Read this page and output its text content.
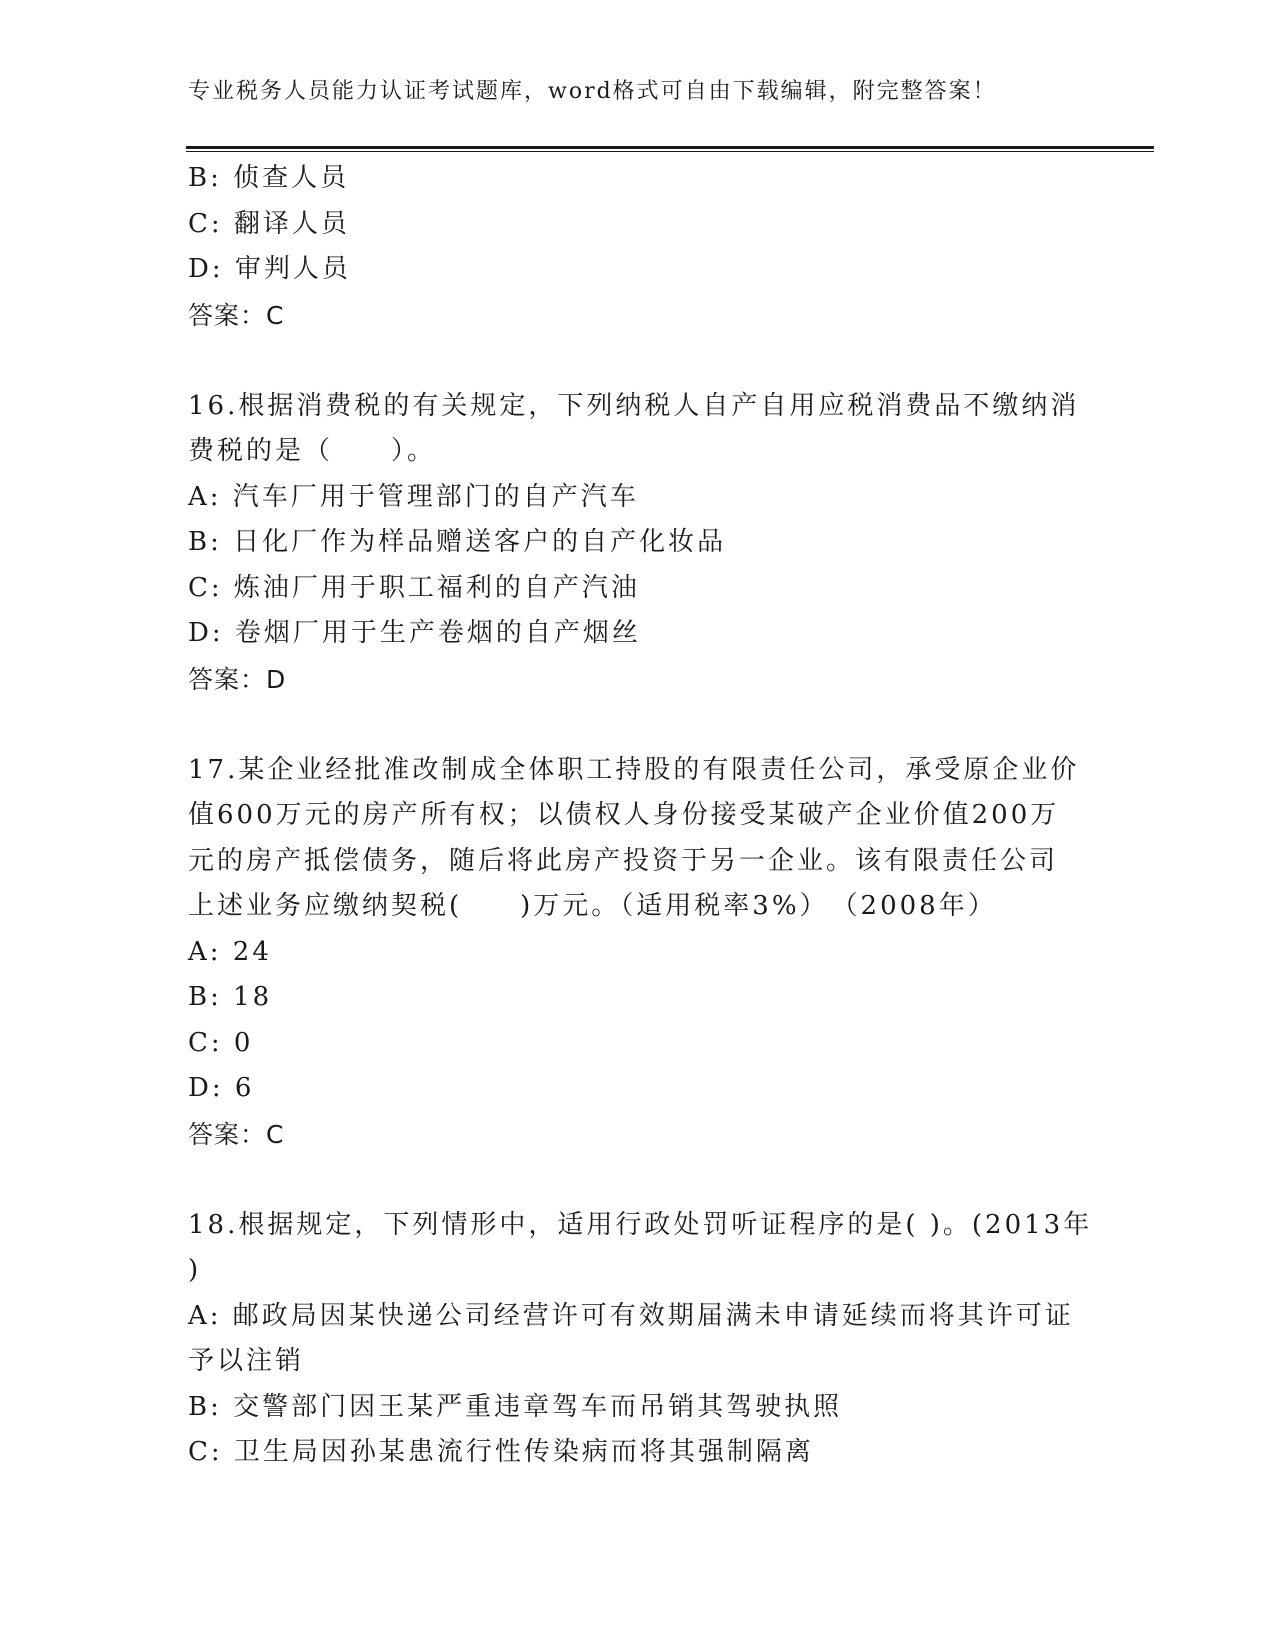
专业税务人员能力认证考试题库，word格式可自由下载编辑，附完整答案！
B: 侦查人员
C: 翻译人员
D: 审判人员
答案：C
16.根据消费税的有关规定，下列纳税人自产自用应税消费品不缴纳消
费税的是（　　）。
A: 汽车厂用于管理部门的自产汽车
B: 日化厂作为样品赠送客户的自产化妆品
C: 炼油厂用于职工福利的自产汽油
D: 卷烟厂用于生产卷烟的自产烟丝
答案：D
17.某企业经批准改制成全体职工持股的有限责任公司，承受原企业价
值600万元的房产所有权；以债权人身份接受某破产企业价值200万
元的房产抵偿债务，随后将此房产投资于另一企业。该有限责任公司
上述业务应缴纳契税(　　)万元。（适用税率3%）　（2008年）
A: 24
B: 18
C: 0
D: 6
答案：C
18.根据规定，下列情形中，适用行政处罚听证程序的是( )。(2013年
)
A: 邮政局因某快递公司经营许可有效期届满未申请延续而将其许可证
予以注销
B: 交警部门因王某严重违章驾车而吊销其驾驶执照
C: 卫生局因孙某患流行性传染病而将其强制隔离
